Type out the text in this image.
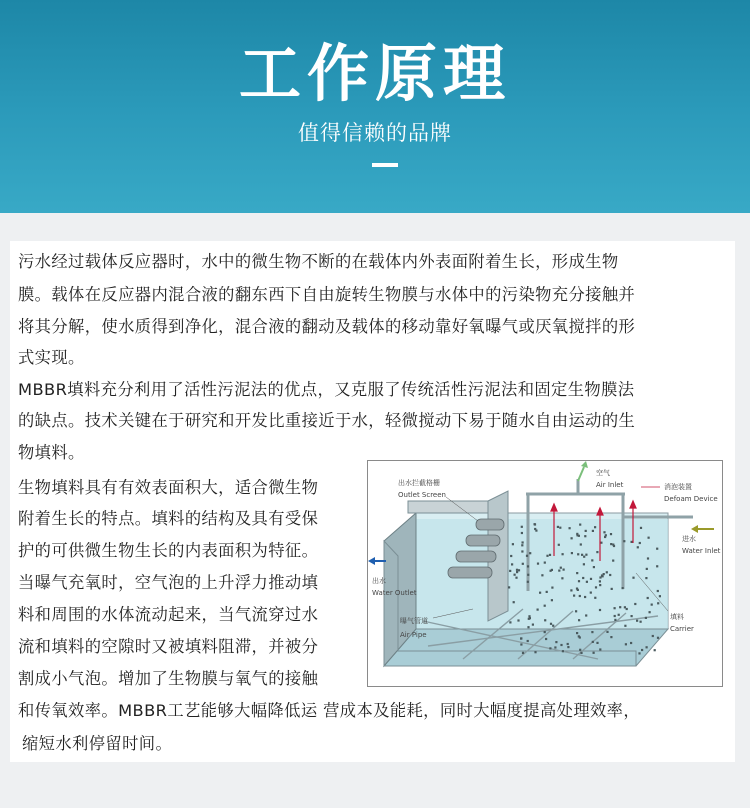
工作原理
值得信赖的品牌
污水经过载体反应器时，水中的微生物不断的在载体内外表面附着生长，形成生物
膜。载体在反应器内混合液的翻东西下自由旋转生物膜与水体中的污染物充分接触并
将其分解，使水质得到净化，混合液的翻动及载体的移动靠好氧曝气或厌氧搅拌的形
式实现。
MBBR填料充分利用了活性污泥法的优点，又克服了传统活性污泥法和固定生物膜法
的缺点。技术关键在于研究和开发比重接近于水，轻微搅动下易于随水自由运动的生
物填料。
生物填料具有有效表面积大，适合微生物
附着生长的特点。填料的结构及具有受保
护的可供微生物生长的内表面积为特征。
当曝气充氧时，空气泡的上升浮力推动填
料和周围的水体流动起来，当气流穿过水
流和填料的空隙时又被填料阻滞，并被分
割成小气泡。增加了生物膜与氧气的接触
和传氧效率。MBBR工艺能够大幅降低运 营成本及能耗，同时大幅度提高处理效率，
缩短水利停留时间。
出水拦截格栅
Outlet Screen
空气
Air Inlet	消泡装置
Defoam Device
进水
Water Inlet
出水
Water Outlet
曝气管道
Air Pipe
填料
Carrier
